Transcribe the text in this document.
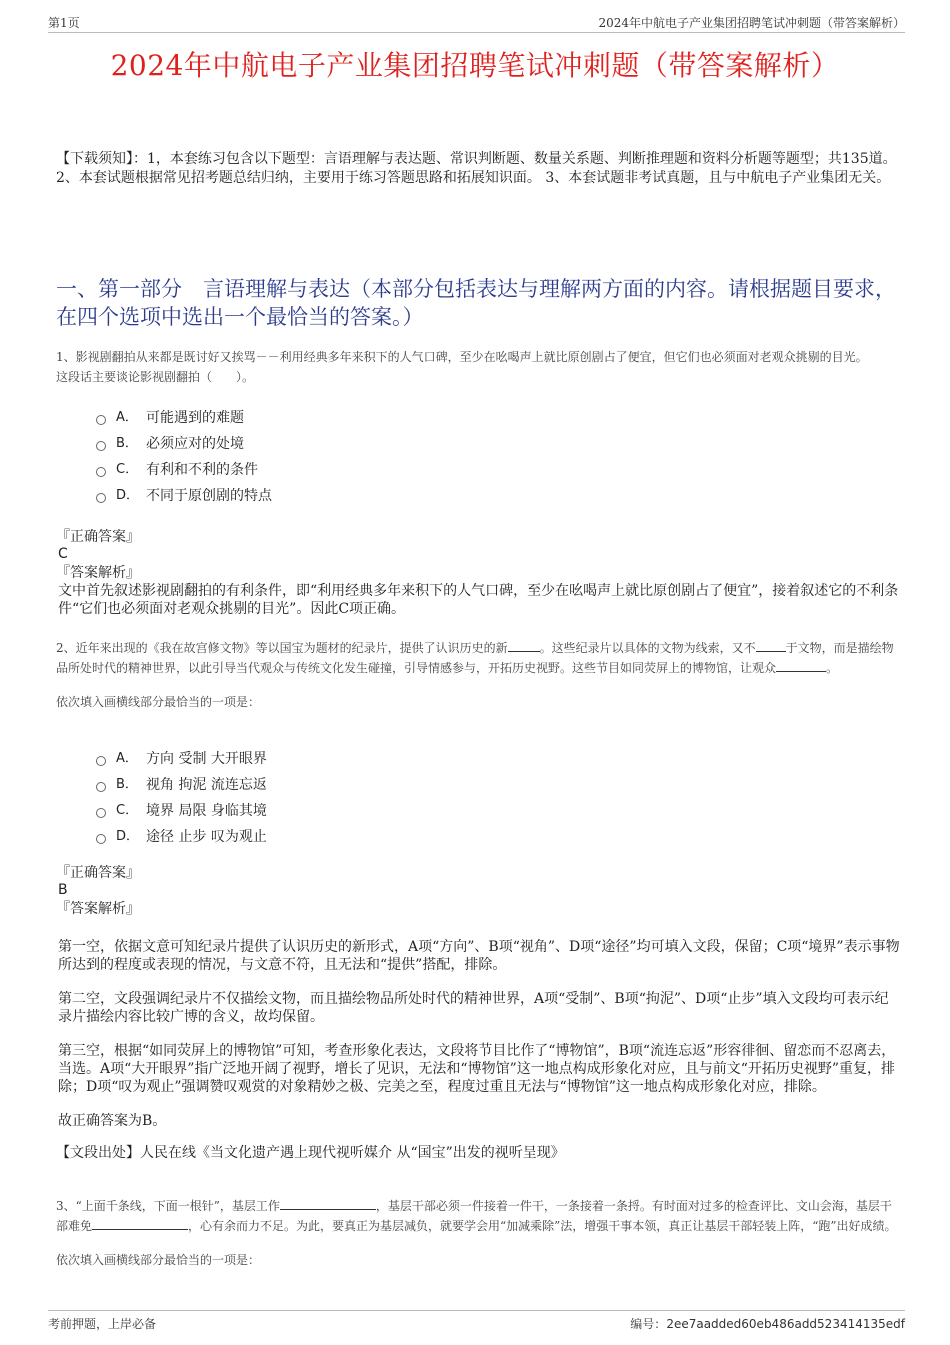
第1页	2024年中航电子产业集团招聘笔试冲刺题（带答案解析）
2024年中航电子产业集团招聘笔试冲刺题（带答案解析）
【下载须知】：1，本套练习包含以下题型：言语理解与表达题、常识判断题、数量关系题、判断推理题和资料分析题等题型；共135道。 2、本套试题根据常见招考题总结归纳，主要用于练习答题思路和拓展知识面。 3、本套试题非考试真题，且与中航电子产业集团无关。
一、第一部分　言语理解与表达（本部分包括表达与理解两方面的内容。请根据题目要求，在四个选项中选出一个最恰当的答案。）

1、影视剧翻拍从来都是既讨好又挨骂－－利用经典多年来积下的人气口碑，至少在吆喝声上就比原创剧占了便宜，但它们也必须面对老观众挑剔的目光。

这段话主要谈论影视剧翻拍（　　）。

A． 可能遇到的难题
B． 必须应对的处境
C． 有利和不利的条件
D． 不同于原创剧的特点

『正确答案』

C

『答案解析』

文中首先叙述影视剧翻拍的有利条件，即“利用经典多年来积下的人气口碑，至少在吆喝声上就比原创剧占了便宜”，接着叙述它的不利条件“它们也必须面对老观众挑剔的目光”。因此C项正确。

2、近年来出现的《我在故宫修文物》等以国宝为题材的纪录片，提供了认识历史的新	。这些纪录片以具体的文物为线索，又不	于文物，而是描绘物品所处时代的精神世界，以此引导当代观众与传统文化发生碰撞，引导情感参与，开拓历史视野。这些节目如同荧屏上的博物馆，让观众	。

依次填入画横线部分最恰当的一项是：

A． 方向 受制 大开眼界
B． 视角 拘泥 流连忘返
C． 境界 局限 身临其境
D． 途径 止步 叹为观止

『正确答案』

B

『答案解析』

第一空，依据文意可知纪录片提供了认识历史的新形式，A项“方向”、B项“视角”、D项“途径”均可填入文段，保留；C项“境界”表示事物所达到的程度或表现的情况，与文意不符，且无法和“提供”搭配，排除。

第二空，文段强调纪录片不仅描绘文物，而且描绘物品所处时代的精神世界，A项“受制”、B项“拘泥”、D项“止步”填入文段均可表示纪录片描绘内容比较广博的含义，故均保留。

第三空，根据“如同荧屏上的博物馆”可知，考查形象化表达，文段将节目比作了“博物馆”，B项“流连忘返”形容徘徊、留恋而不忍离去，当选。A项“大开眼界”指广泛地开阔了视野，增长了见识，无法和“博物馆”这一地点构成形象化对应，且与前文“开拓历史视野”重复，排除；D项“叹为观止”强调赞叹观赏的对象精妙之极、完美之至，程度过重且无法与“博物馆”这一地点构成形象化对应，排除。

故正确答案为B。

【文段出处】人民在线《当文化遗产遇上现代视听媒介 从“国宝”出发的视听呈现》

3、“上面千条线，下面一根针”，基层工作	，基层干部必须一件接着一件干，一条接着一条捋。有时面对过多的检查评比、文山会海，基层干部难免	，心有余而力不足。为此，要真正为基层减负，就要学会用“加减乘除”法，增强干事本领，真正让基层干部轻装上阵，“跑”出好成绩。

依次填入画横线部分最恰当的一项是：

考前押题，上岸必备	编号：2ee7aadded60eb486add523414135edf
